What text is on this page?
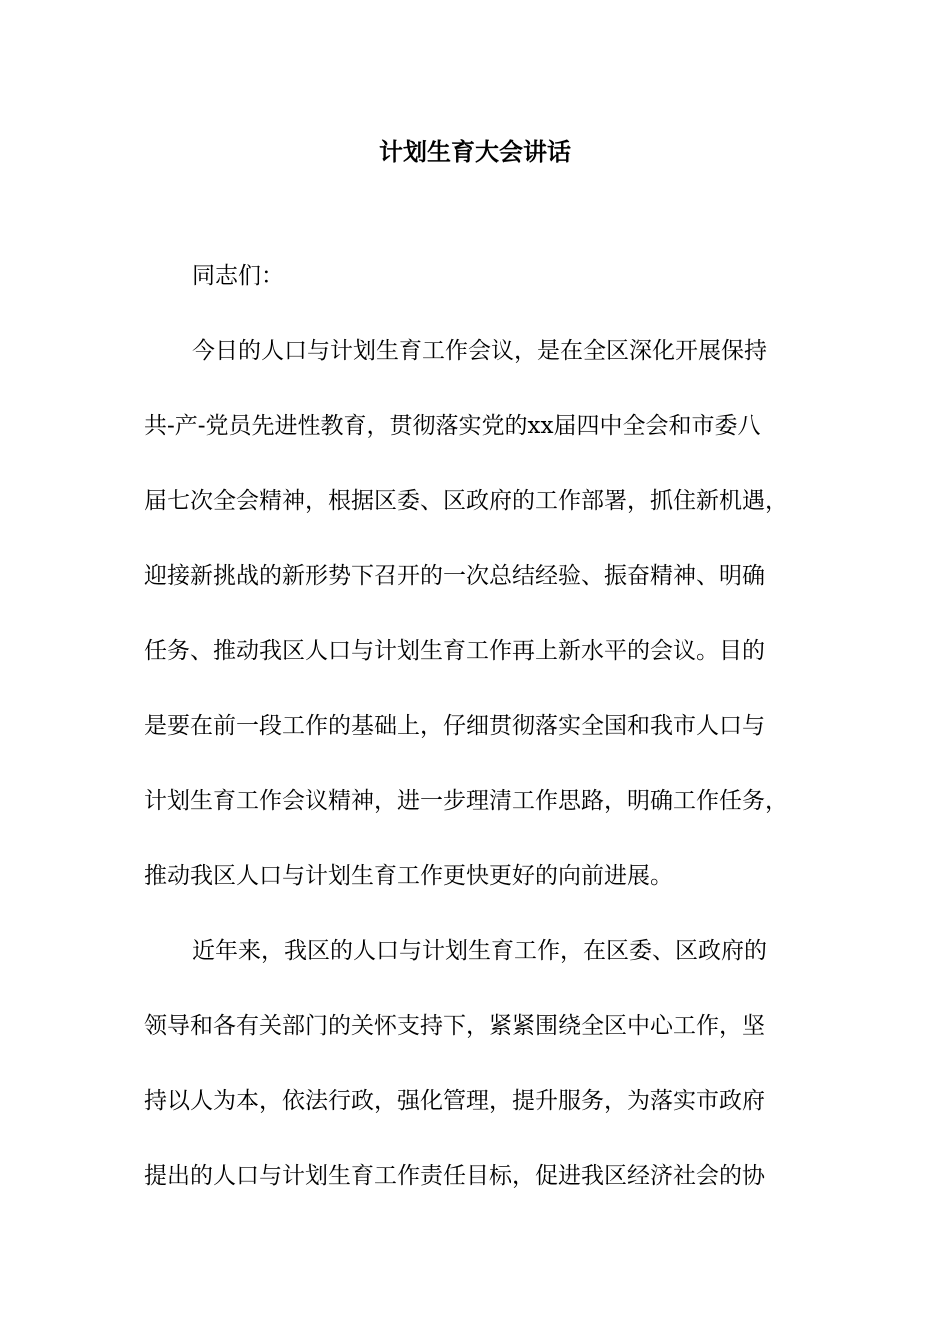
计划生育大会讲话

同志们：

今日的人口与计划生育工作会议，是在全区深化开展保持

共-产-党员先进性教育，贯彻落实党的xx届四中全会和市委八

届七次全会精神，根据区委、区政府的工作部署，抓住新机遇，

迎接新挑战的新形势下召开的一次总结经验、振奋精神、明确

任务、推动我区人口与计划生育工作再上新水平的会议。目的

是要在前一段工作的基础上，仔细贯彻落实全国和我市人口与

计划生育工作会议精神，进一步理清工作思路，明确工作任务，

推动我区人口与计划生育工作更快更好的向前进展。

近年来，我区的人口与计划生育工作，在区委、区政府的

领导和各有关部门的关怀支持下，紧紧围绕全区中心工作，坚

持以人为本，依法行政，强化管理，提升服务，为落实市政府

提出的人口与计划生育工作责任目标，促进我区经济社会的协
